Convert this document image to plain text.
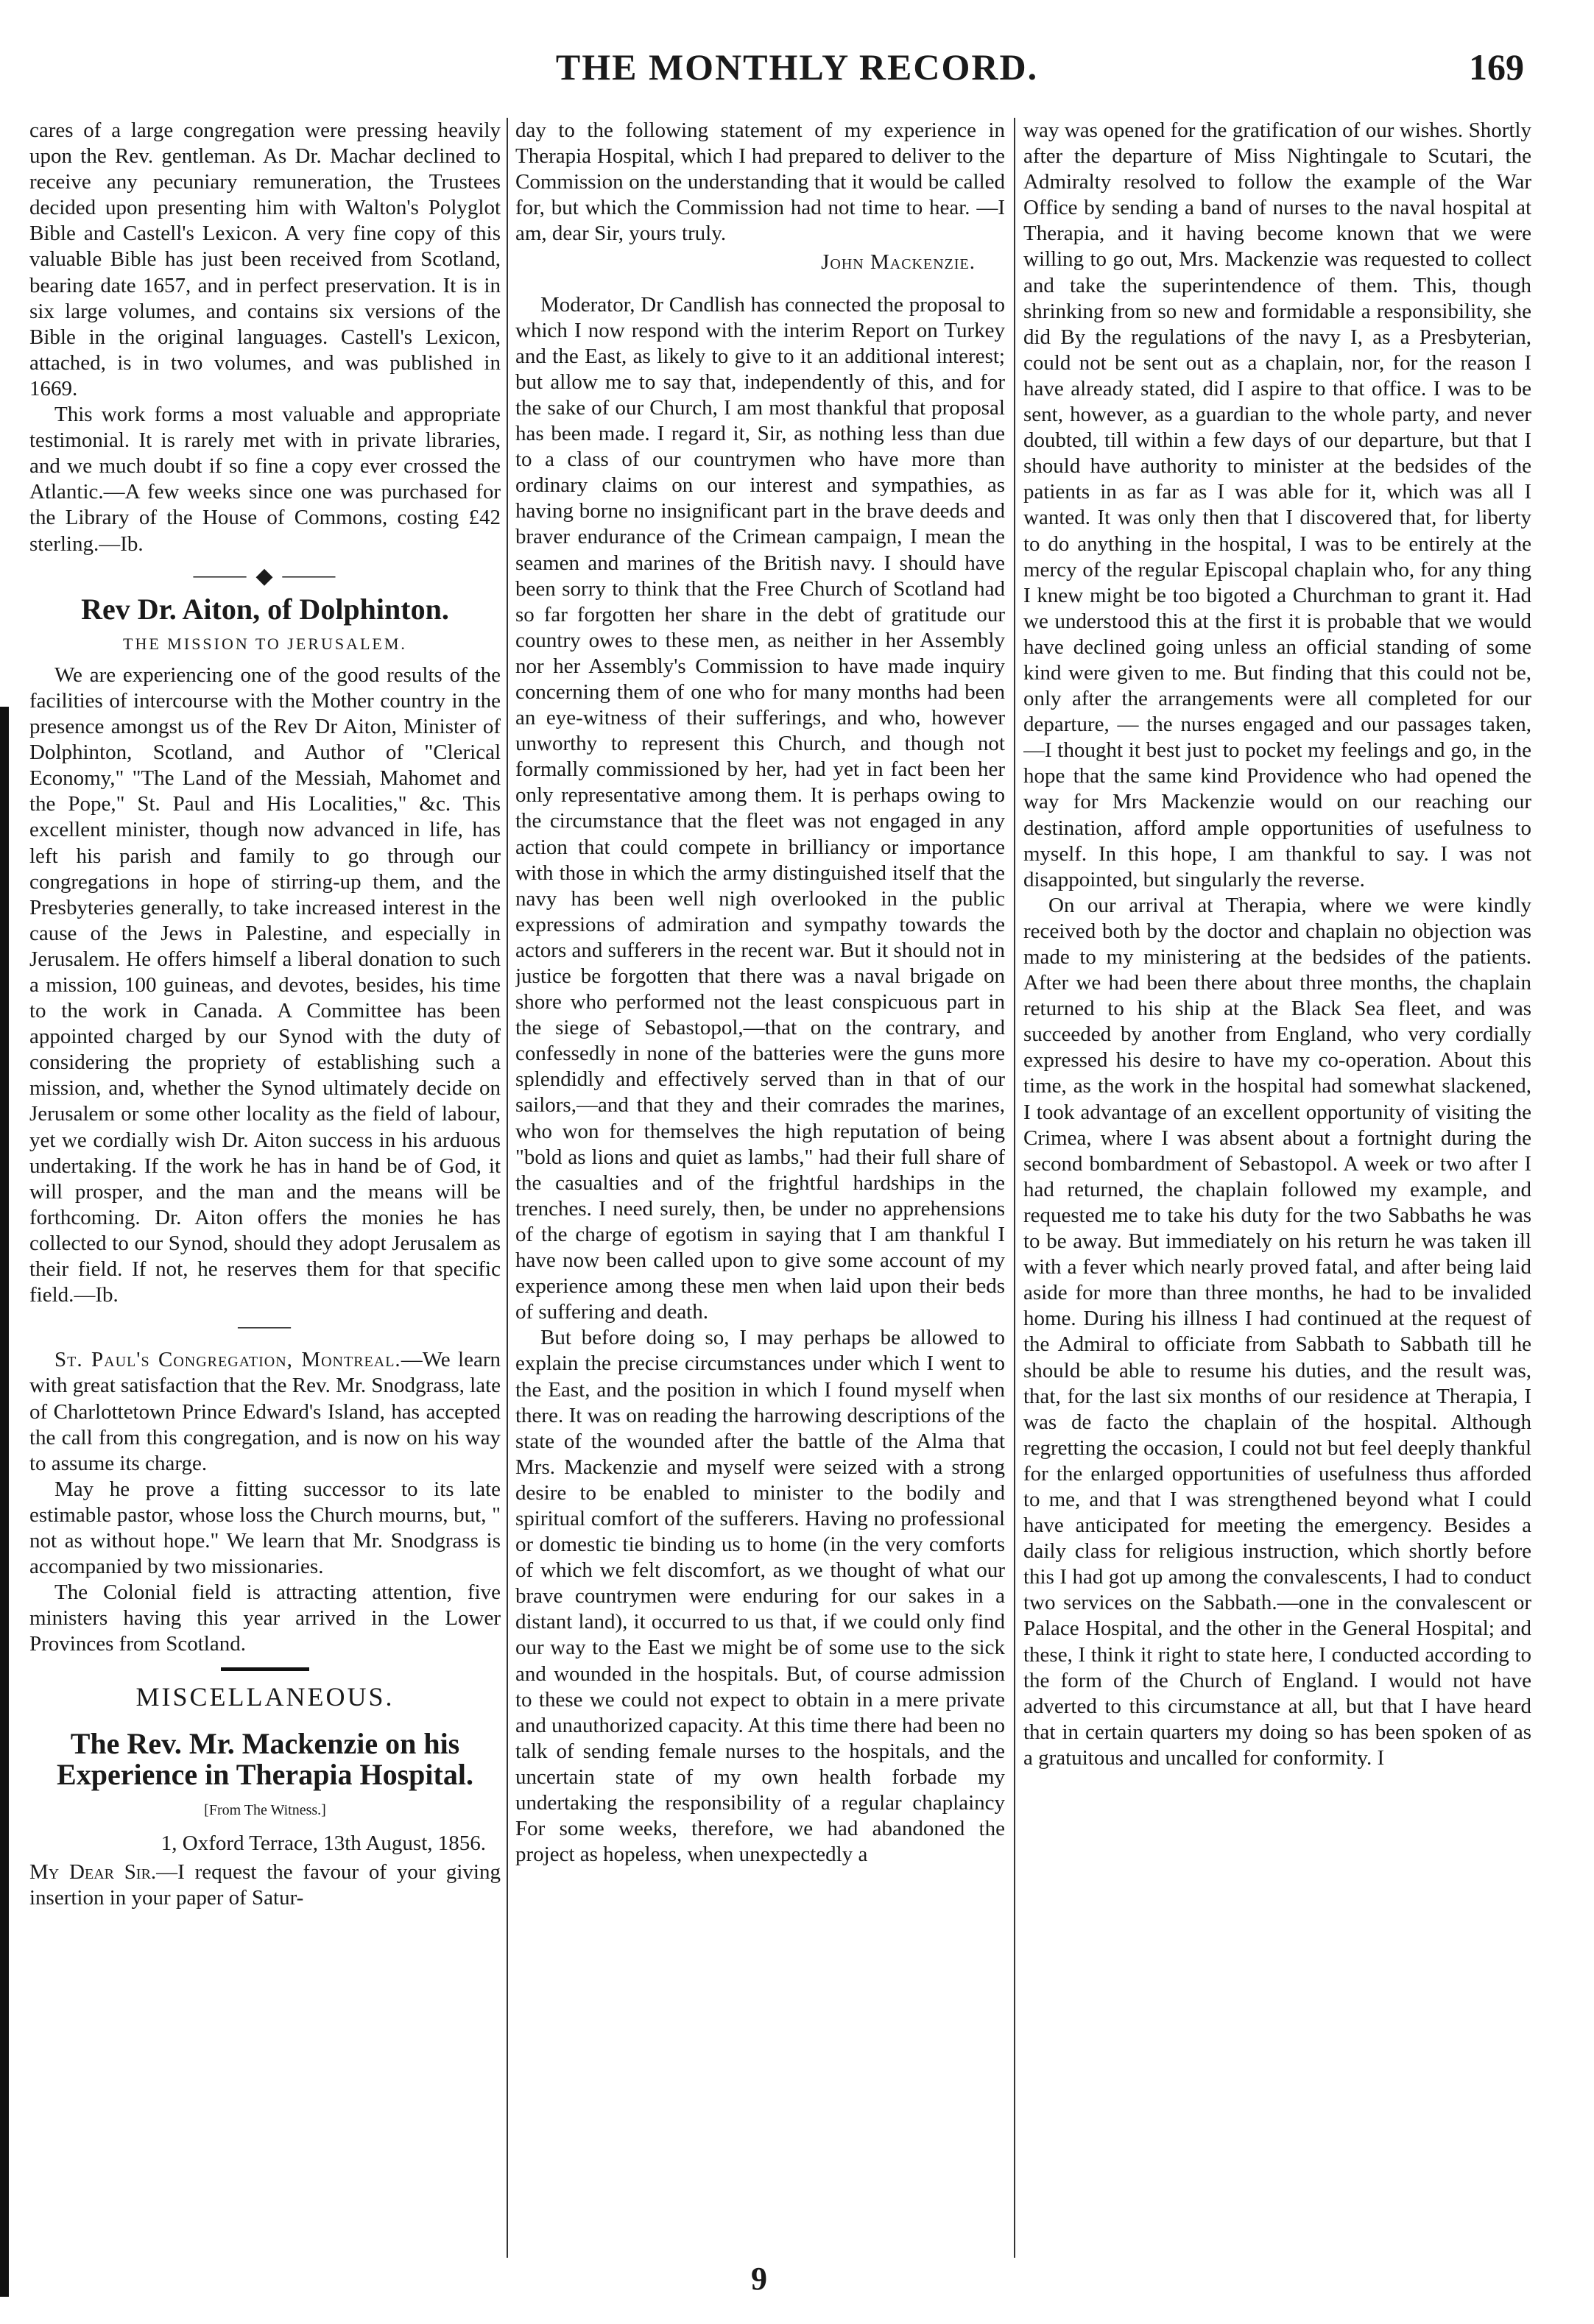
THE MONTHLY RECORD.	169

cares of a large congregation were pressing heavily upon the Rev. gentleman. As Dr. Machar declined to receive any pecuniary remuneration, the Trustees decided upon presenting him with Walton's Polyglot Bible and Castell's Lexicon. A very fine copy of this valuable Bible has just been received from Scotland, bearing date 1657, and in perfect preservation. It is in six large volumes, and contains six versions of the Bible in the original languages. Castell's Lexicon, attached, is in two volumes, and was published in 1669.

This work forms a most valuable and appropriate testimonial. It is rarely met with in private libraries, and we much doubt if so fine a copy ever crossed the Atlantic.—A few weeks since one was purchased for the Library of the House of Commons, costing £42 sterling.—Ib.

⸻ ◆ ⸻
Rev Dr. Aiton, of Dolphinton.
THE MISSION TO JERUSALEM.

We are experiencing one of the good results of the facilities of intercourse with the Mother country in the presence amongst us of the Rev Dr Aiton, Minister of Dolphinton, Scotland, and Author of "Clerical Economy," "The Land of the Messiah, Mahomet and the Pope," St. Paul and His Localities," &c. This excellent minister, though now advanced in life, has left his parish and family to go through our congregations in hope of stirring-up them, and the Presbyteries generally, to take increased interest in the cause of the Jews in Palestine, and especially in Jerusalem. He offers himself a liberal donation to such a mission, 100 guineas, and devotes, besides, his time to the work in Canada. A Committee has been appointed charged by our Synod with the duty of considering the propriety of establishing such a mission, and, whether the Synod ultimately decide on Jerusalem or some other locality as the field of labour, yet we cordially wish Dr. Aiton success in his arduous undertaking. If the work he has in hand be of God, it will prosper, and the man and the means will be forthcoming. Dr. Aiton offers the monies he has collected to our Synod, should they adopt Jerusalem as their field. If not, he reserves them for that specific field.—Ib.

⸻

St. Paul's Congregation, Montreal.—We learn with great satisfaction that the Rev. Mr. Snodgrass, late of Charlottetown Prince Edward's Island, has accepted the call from this congregation, and is now on his way to assume its charge.

May he prove a fitting successor to its late estimable pastor, whose loss the Church mourns, but, " not as without hope." We learn that Mr. Snodgrass is accompanied by two missionaries.

The Colonial field is attracting attention, five ministers having this year arrived in the Lower Provinces from Scotland.

MISCELLANEOUS.
The Rev. Mr. Mackenzie on his Experience in Therapia Hospital.
[From The Witness.]
1, Oxford Terrace, 13th August, 1856.

My Dear Sir.—I request the favour of your giving insertion in your paper of Satur-

day to the following statement of my experience in Therapia Hospital, which I had prepared to deliver to the Commission on the understanding that it would be called for, but which the Commission had not time to hear. —I am, dear Sir, yours truly.

John Mackenzie.

Moderator, Dr Candlish has connected the proposal to which I now respond with the interim Report on Turkey and the East, as likely to give to it an additional interest; but allow me to say that, independently of this, and for the sake of our Church, I am most thankful that proposal has been made. I regard it, Sir, as nothing less than due to a class of our countrymen who have more than ordinary claims on our interest and sympathies, as having borne no insignificant part in the brave deeds and braver endurance of the Crimean campaign, I mean the seamen and marines of the British navy. I should have been sorry to think that the Free Church of Scotland had so far forgotten her share in the debt of gratitude our country owes to these men, as neither in her Assembly nor her Assembly's Commission to have made inquiry concerning them of one who for many months had been an eye-witness of their sufferings, and who, however unworthy to represent this Church, and though not formally commissioned by her, had yet in fact been her only representative among them. It is perhaps owing to the circumstance that the fleet was not engaged in any action that could compete in brilliancy or importance with those in which the army distinguished itself that the navy has been well nigh overlooked in the public expressions of admiration and sympathy towards the actors and sufferers in the recent war. But it should not in justice be forgotten that there was a naval brigade on shore who performed not the least conspicuous part in the siege of Sebastopol,—that on the contrary, and confessedly in none of the batteries were the guns more splendidly and effectively served than in that of our sailors,—and that they and their comrades the marines, who won for themselves the high reputation of being "bold as lions and quiet as lambs," had their full share of the casualties and of the frightful hardships in the trenches. I need surely, then, be under no apprehensions of the charge of egotism in saying that I am thankful I have now been called upon to give some account of my experience among these men when laid upon their beds of suffering and death.

But before doing so, I may perhaps be allowed to explain the precise circumstances under which I went to the East, and the position in which I found myself when there. It was on reading the harrowing descriptions of the state of the wounded after the battle of the Alma that Mrs. Mackenzie and myself were seized with a strong desire to be enabled to minister to the bodily and spiritual comfort of the sufferers. Having no professional or domestic tie binding us to home (in the very comforts of which we felt discomfort, as we thought of what our brave countrymen were enduring for our sakes in a distant land), it occurred to us that, if we could only find our way to the East we might be of some use to the sick and wounded in the hospitals. But, of course admission to these we could not expect to obtain in a mere private and unauthorized capacity. At this time there had been no talk of sending female nurses to the hospitals, and the uncertain state of my own health forbade my undertaking the responsibility of a regular chaplaincy For some weeks, therefore, we had abandoned the project as hopeless, when unexpectedly a

way was opened for the gratification of our wishes. Shortly after the departure of Miss Nightingale to Scutari, the Admiralty resolved to follow the example of the War Office by sending a band of nurses to the naval hospital at Therapia, and it having become known that we were willing to go out, Mrs. Mackenzie was requested to collect and take the superintendence of them. This, though shrinking from so new and formidable a responsibility, she did By the regulations of the navy I, as a Presbyterian, could not be sent out as a chaplain, nor, for the reason I have already stated, did I aspire to that office. I was to be sent, however, as a guardian to the whole party, and never doubted, till within a few days of our departure, but that I should have authority to minister at the bedsides of the patients in as far as I was able for it, which was all I wanted. It was only then that I discovered that, for liberty to do anything in the hospital, I was to be entirely at the mercy of the regular Episcopal chaplain who, for any thing I knew might be too bigoted a Churchman to grant it. Had we understood this at the first it is probable that we would have declined going unless an official standing of some kind were given to me. But finding that this could not be, only after the arrangements were all completed for our departure, — the nurses engaged and our passages taken,—I thought it best just to pocket my feelings and go, in the hope that the same kind Providence who had opened the way for Mrs Mackenzie would on our reaching our destination, afford ample opportunities of usefulness to myself. In this hope, I am thankful to say. I was not disappointed, but singularly the reverse.

On our arrival at Therapia, where we were kindly received both by the doctor and chaplain no objection was made to my ministering at the bedsides of the patients. After we had been there about three months, the chaplain returned to his ship at the Black Sea fleet, and was succeeded by another from England, who very cordially expressed his desire to have my co-operation. About this time, as the work in the hospital had somewhat slackened, I took advantage of an excellent opportunity of visiting the Crimea, where I was absent about a fortnight during the second bombardment of Sebastopol. A week or two after I had returned, the chaplain followed my example, and requested me to take his duty for the two Sabbaths he was to be away. But immediately on his return he was taken ill with a fever which nearly proved fatal, and after being laid aside for more than three months, he had to be invalided home. During his illness I had continued at the request of the Admiral to officiate from Sabbath to Sabbath till he should be able to resume his duties, and the result was, that, for the last six months of our residence at Therapia, I was de facto the chaplain of the hospital. Although regretting the occasion, I could not but feel deeply thankful for the enlarged opportunities of usefulness thus afforded to me, and that I was strengthened beyond what I could have anticipated for meeting the emergency. Besides a daily class for religious instruction, which shortly before this I had got up among the convalescents, I had to conduct two services on the Sabbath.—one in the convalescent or Palace Hospital, and the other in the General Hospital; and these, I think it right to state here, I conducted according to the form of the Church of England. I would not have adverted to this circumstance at all, but that I have heard that in certain quarters my doing so has been spoken of as a gratuitous and uncalled for conformity. I

9
